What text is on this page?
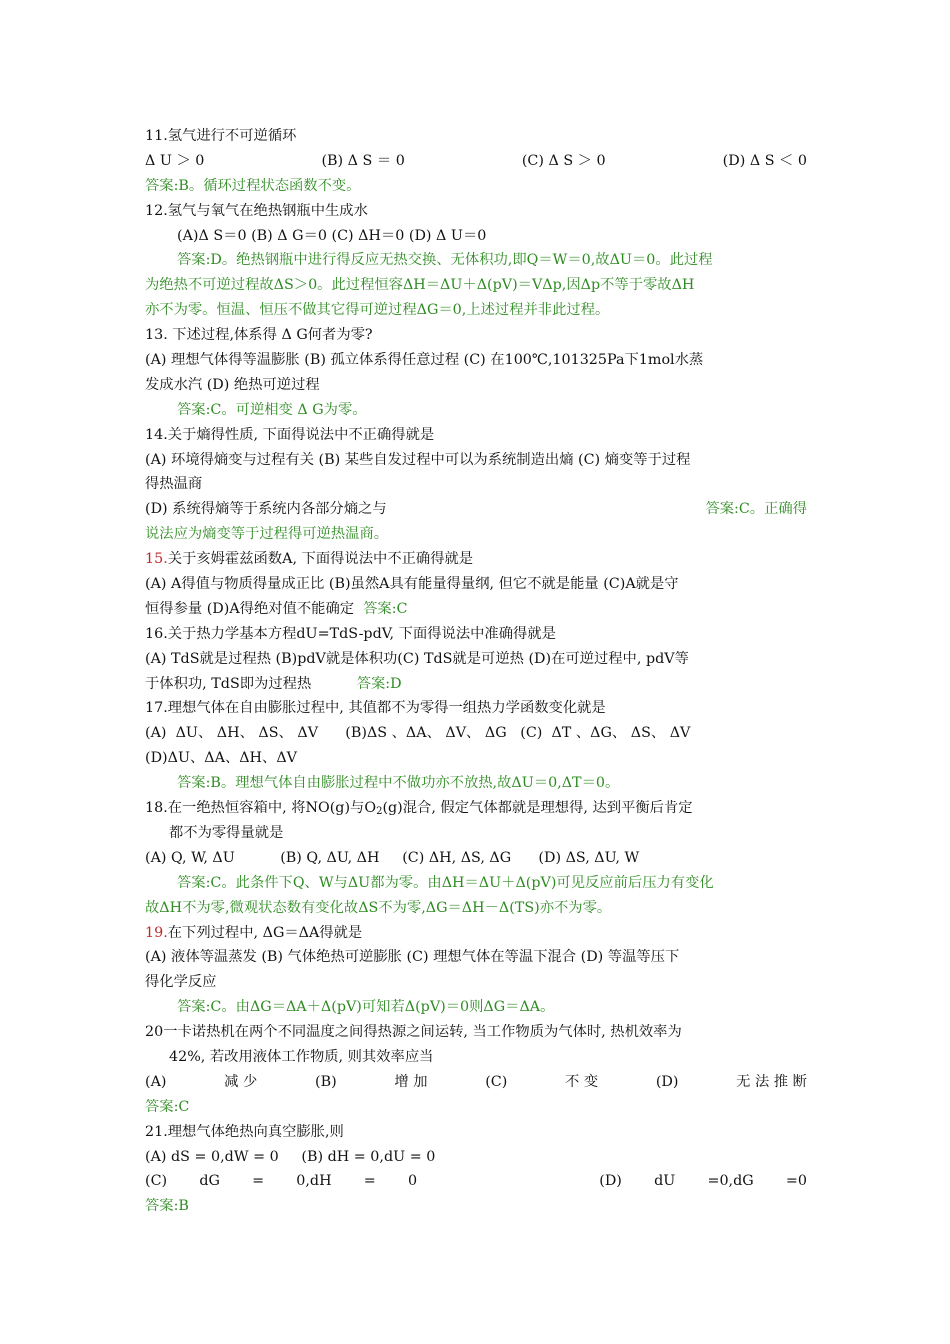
11.氢气进行不可逆循环
Δ U ＞ 0	(B) Δ S ＝ 0	(C) Δ S ＞ 0	(D) Δ S ＜ 0
答案:B。循环过程状态函数不变。
12.氢气与氧气在绝热钢瓶中生成水
(A)Δ S＝0 (B) Δ G＝0 (C) ΔH＝0 (D) Δ U＝0
答案:D。绝热钢瓶中进行得反应无热交换、无体积功,即Q＝W＝0,故ΔU＝0。此过程
为绝热不可逆过程故ΔS＞0。此过程恒容ΔH＝ΔU＋Δ(pV)＝VΔp,因Δp不等于零故ΔH
亦不为零。恒温、恒压不做其它得可逆过程ΔG＝0,上述过程并非此过程。
13. 下述过程,体系得 Δ G何者为零?
(A) 理想气体得等温膨胀 (B) 孤立体系得任意过程 (C) 在100℃,101325Pa下1mol水蒸
发成水汽 (D) 绝热可逆过程
答案:C。可逆相变 Δ G为零。
14.关于熵得性质, 下面得说法中不正确得就是
(A) 环境得熵变与过程有关 (B) 某些自发过程中可以为系统制造出熵 (C) 熵变等于过程
得热温商
(D) 系统得熵等于系统内各部分熵之与	答案:C。正确得
说法应为熵变等于过程得可逆热温商。
15.关于亥姆霍兹函数A, 下面得说法中不正确得就是
(A) A得值与物质得量成正比 (B)虽然A具有能量得量纲, 但它不就是能量 (C)A就是守
恒得参量 (D)A得绝对值不能确定  答案:C
16.关于热力学基本方程dU=TdS-pdV, 下面得说法中准确得就是
(A) TdS就是过程热 (B)pdV就是体积功(C) TdS就是可逆热 (D)在可逆过程中, pdV等
于体积功, TdS即为过程热          答案:D
17.理想气体在自由膨胀过程中, 其值都不为零得一组热力学函数变化就是
(A)  ΔU、 ΔH、 ΔS、 ΔV      (B)ΔS 、ΔA、 ΔV、 ΔG   (C)  ΔT 、ΔG、 ΔS、 ΔV
(D)ΔU、ΔA、ΔH、ΔV
答案:B。理想气体自由膨胀过程中不做功亦不放热,故ΔU＝0,ΔT＝0。
18.在一绝热恒容箱中, 将NO(g)与$O_2(g)$混合, 假定气体都就是理想得, 达到平衡后肯定
都不为零得量就是
(A) Q, W, ΔU          (B) Q, ΔU, ΔH     (C) ΔH, ΔS, ΔG      (D) ΔS, ΔU, W
答案:C。此条件下Q、W与ΔU都为零。由ΔH＝ΔU＋Δ(pV)可见反应前后压力有变化
故ΔH不为零,微观状态数有变化故ΔS不为零,ΔG＝ΔH－Δ(TS)亦不为零。
19.在下列过程中, ΔG＝ΔA得就是
(A) 液体等温蒸发 (B) 气体绝热可逆膨胀 (C) 理想气体在等温下混合 (D) 等温等压下
得化学反应
答案:C。由ΔG＝ΔA＋Δ(pV)可知若Δ(pV)＝0则ΔG＝ΔA。
20一卡诺热机在两个不同温度之间得热源之间运转, 当工作物质为气体时, 热机效率为
42%, 若改用液体工作物质, 则其效率应当
(A)	减 少	(B)	增 加	(C)	不 变	(D)	无 法 推 断
答案:C
21.理想气体绝热向真空膨胀,则
(A) dS = 0,dW = 0     (B) dH = 0,dU = 0
(C) dG = 0,dH = 0	(D) dU =0,dG =0
答案:B
